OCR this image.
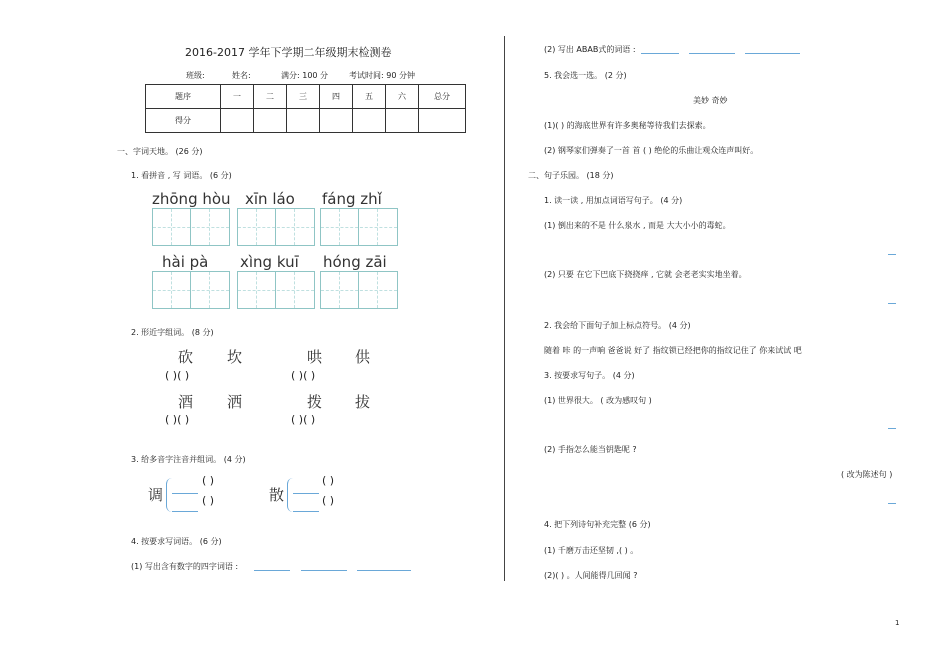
2016-2017 学年下学期二年级期末检测卷
班级:	姓名:	满分: 100 分	考试时间: 90 分钟
题序	一	二	三	四	五	六	总分
得分							
一、字词天地。 (26 分)
1. 看拼音 , 写 词语。 (6 分)
zhōng hòu xīn láo fáng zhǐ
hài pà xìng kuī hóng zāi
2. 形近字组词。 (8 分)
砍 坎	哄 供
( )( )	( )( )
酒 洒	拨 拔
( )( )	( )( )
3. 给多音字注音并组词。 (4 分)
调
( )
( )	散
( )
( )
4. 按要求写词语。 (6 分)
(1) 写出含有数字的四字词语 :
(2) 写出 ABAB式的词语 :
5. 我会选一选。 (2 分)
美妙 奇妙
(1)( ) 的海底世界有许多奥秘等待我们去探索。
(2) 钢琴家们弹奏了一首 首 ( ) 绝伦的乐曲让观众连声叫好。
二、句子乐园。 (18 分)
1. 读一读 , 用加点词语写句子。 (4 分)
(1) 倒出来的不是 什么泉水 , 而是 大大小小的毒蛇。
(2) 只要 在它下巴底下挠挠痒 , 它就 会老老实实地坐着。
2. 我会给下面句子加上标点符号。 (4 分)
随着 咔 的一声响 爸爸说 好了 指纹锁已经把你的指纹记住了 你来试试 吧
3. 按要求写句子。 (4 分)
(1) 世界很大。 ( 改为感叹句 )
(2) 手指怎么能当钥匙呢 ?
( 改为陈述句 )
4. 把下列诗句补充完整 (6 分)
(1) 千磨万击还坚韧 ,( ) 。
(2)( ) 。人间能得几回闻 ?
1
